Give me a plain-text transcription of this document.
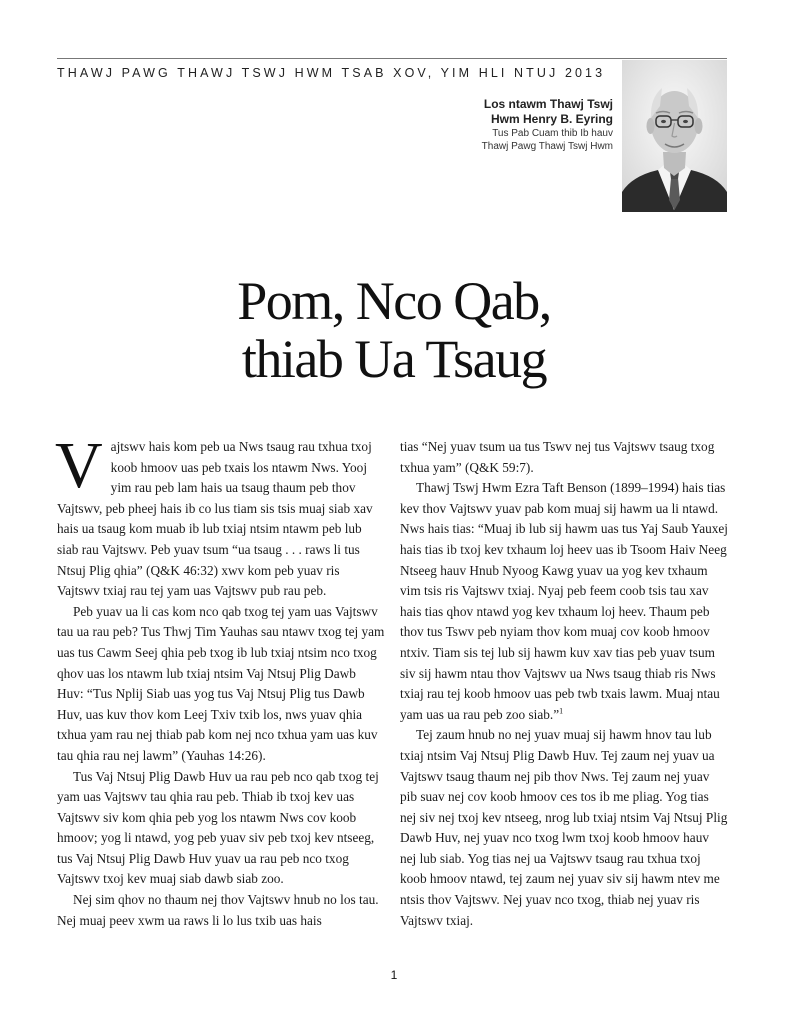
THAWJ PAWG THAWJ TSWJ HWM TSAB XOV, YIM HLI NTUJ 2013
Los ntawm Thawj Tswj
Hwm Henry B. Eyring
Tus Pab Cuam thib Ib hauv
Thawj Pawg Thawj Tswj Hwm
Pom, Nco Qab,
thiab Ua Tsaug

Vajtswv hais kom peb ua Nws tsaug rau txhua txoj koob hmoov uas peb txais los ntawm Nws. Yooj yim rau peb lam hais ua tsaug thaum peb thov Vajtswv, peb pheej hais ib co lus tiam sis tsis muaj siab xav hais ua tsaug kom muab ib lub txiaj ntsim ntawm peb lub siab rau Vajtswv. Peb yuav tsum “ua tsaug . . . raws li tus Ntsuj Plig qhia” (Q&K 46:32) xwv kom peb yuav ris Vajtswv txiaj rau tej yam uas Vajtswv pub rau peb.

Peb yuav ua li cas kom nco qab txog tej yam uas Vajtswv tau ua rau peb? Tus Thwj Tim Yauhas sau ntawv txog tej yam uas tus Cawm Seej qhia peb txog ib lub txiaj ntsim nco txog qhov uas los ntawm lub txiaj ntsim Vaj Ntsuj Plig Dawb Huv: “Tus Nplij Siab uas yog tus Vaj Ntsuj Plig tus Dawb Huv, uas kuv thov kom Leej Txiv txib los, nws yuav qhia txhua yam rau nej thiab pab kom nej nco txhua yam uas kuv tau qhia rau nej lawm” (Yauhas 14:26).

Tus Vaj Ntsuj Plig Dawb Huv ua rau peb nco qab txog tej yam uas Vajtswv tau qhia rau peb. Thiab ib txoj kev uas Vajtswv siv kom qhia peb yog los ntawm Nws cov koob hmoov; yog li ntawd, yog peb yuav siv peb txoj kev ntseeg, tus Vaj Ntsuj Plig Dawb Huv yuav ua rau peb nco txog Vajtswv txoj kev muaj siab dawb siab zoo.

Nej sim qhov no thaum nej thov Vajtswv hnub no los tau. Nej muaj peev xwm ua raws li lo lus txib uas hais

tias “Nej yuav tsum ua tus Tswv nej tus Vajtswv tsaug txog txhua yam” (Q&K 59:7).

Thawj Tswj Hwm Ezra Taft Benson (1899–1994) hais tias kev thov Vajtswv yuav pab kom muaj sij hawm ua li ntawd. Nws hais tias: “Muaj ib lub sij hawm uas tus Yaj Saub Yauxej hais tias ib txoj kev txhaum loj heev uas ib Tsoom Haiv Neeg Ntseeg hauv Hnub Nyoog Kawg yuav ua yog kev txhaum vim tsis ris Vajtswv txiaj. Nyaj peb feem coob tsis tau xav hais tias qhov ntawd yog kev txhaum loj heev. Thaum peb thov tus Tswv peb nyiam thov kom muaj cov koob hmoov ntxiv. Tiam sis tej lub sij hawm kuv xav tias peb yuav tsum siv sij hawm ntau thov Vajtswv ua Nws tsaug thiab ris Nws txiaj rau tej koob hmoov uas peb twb txais lawm. Muaj ntau yam uas ua rau peb zoo siab.”$^1$

Tej zaum hnub no nej yuav muaj sij hawm hnov tau lub txiaj ntsim Vaj Ntsuj Plig Dawb Huv. Tej zaum nej yuav ua Vajtswv tsaug thaum nej pib thov Nws. Tej zaum nej yuav pib suav nej cov koob hmoov ces tos ib me pliag. Yog tias nej siv nej txoj kev ntseeg, nrog lub txiaj ntsim Vaj Ntsuj Plig Dawb Huv, nej yuav nco txog lwm txoj koob hmoov hauv nej lub siab. Yog tias nej ua Vajtswv tsaug rau txhua txoj koob hmoov ntawd, tej zaum nej yuav siv sij hawm ntev me ntsis thov Vajtswv. Nej yuav nco txog, thiab nej yuav ris Vajtswv txiaj.

1
